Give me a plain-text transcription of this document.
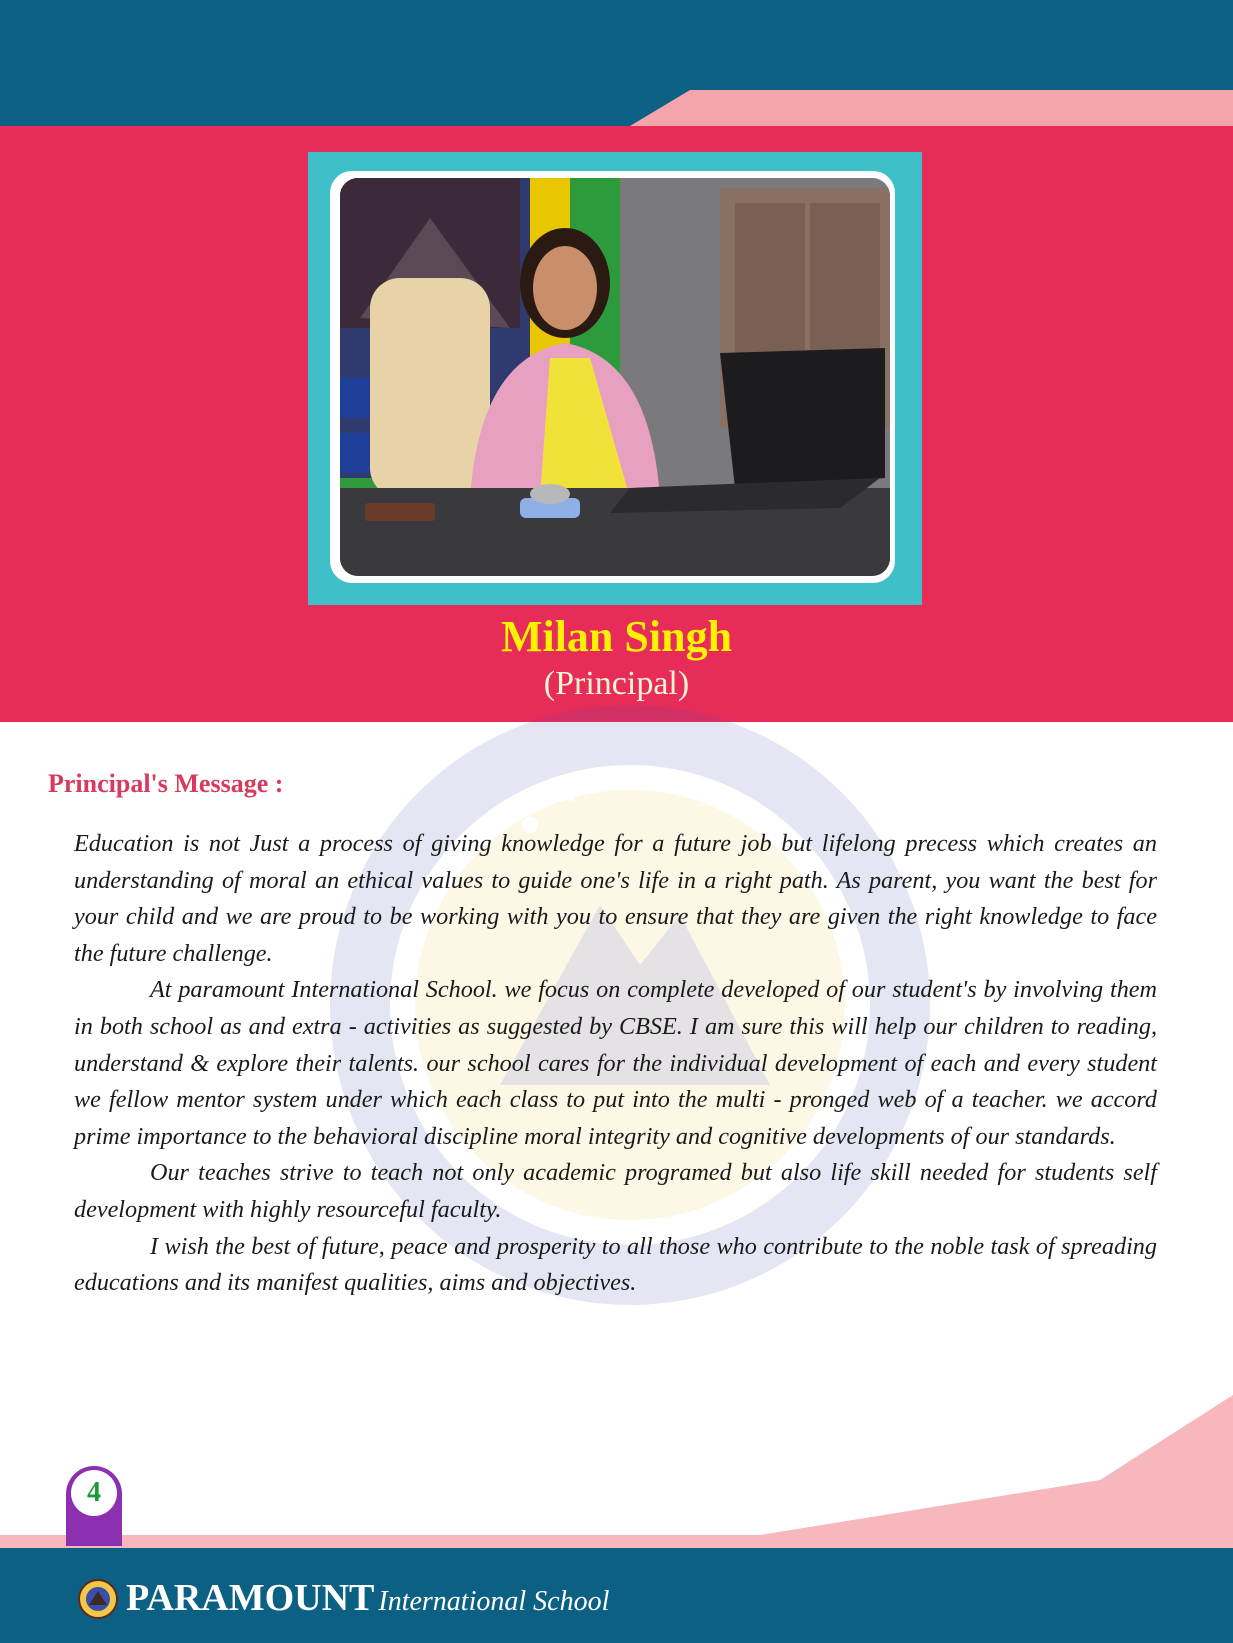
Milan Singh
(Principal)
Principal's Message :

Education is not Just a process of giving knowledge for a future job but lifelong precess which creates an understanding of moral an ethical values to guide one's life in a right path. As parent, you want the best for your child and we are proud to be working with you to ensure that they are given the right knowledge to face the future challenge.

At paramount International School. we focus on complete developed of our student's by involving them in both school as and extra - activities as suggested by CBSE. I am sure this will help our children to reading, understand & explore their talents. our school cares for the individual development of each and every student we fellow mentor system under which each class to put into the multi - pronged web of a teacher. we accord prime importance to the behavioral discipline moral integrity and cognitive developments of our standards.

Our teaches strive to teach not only academic programed but also life skill needed for students self development with highly resourceful faculty.

I wish the best of future, peace and prosperity to all those who contribute to the noble task of spreading educations and its manifest qualities, aims and objectives.

4
PARAMOUNT International School
